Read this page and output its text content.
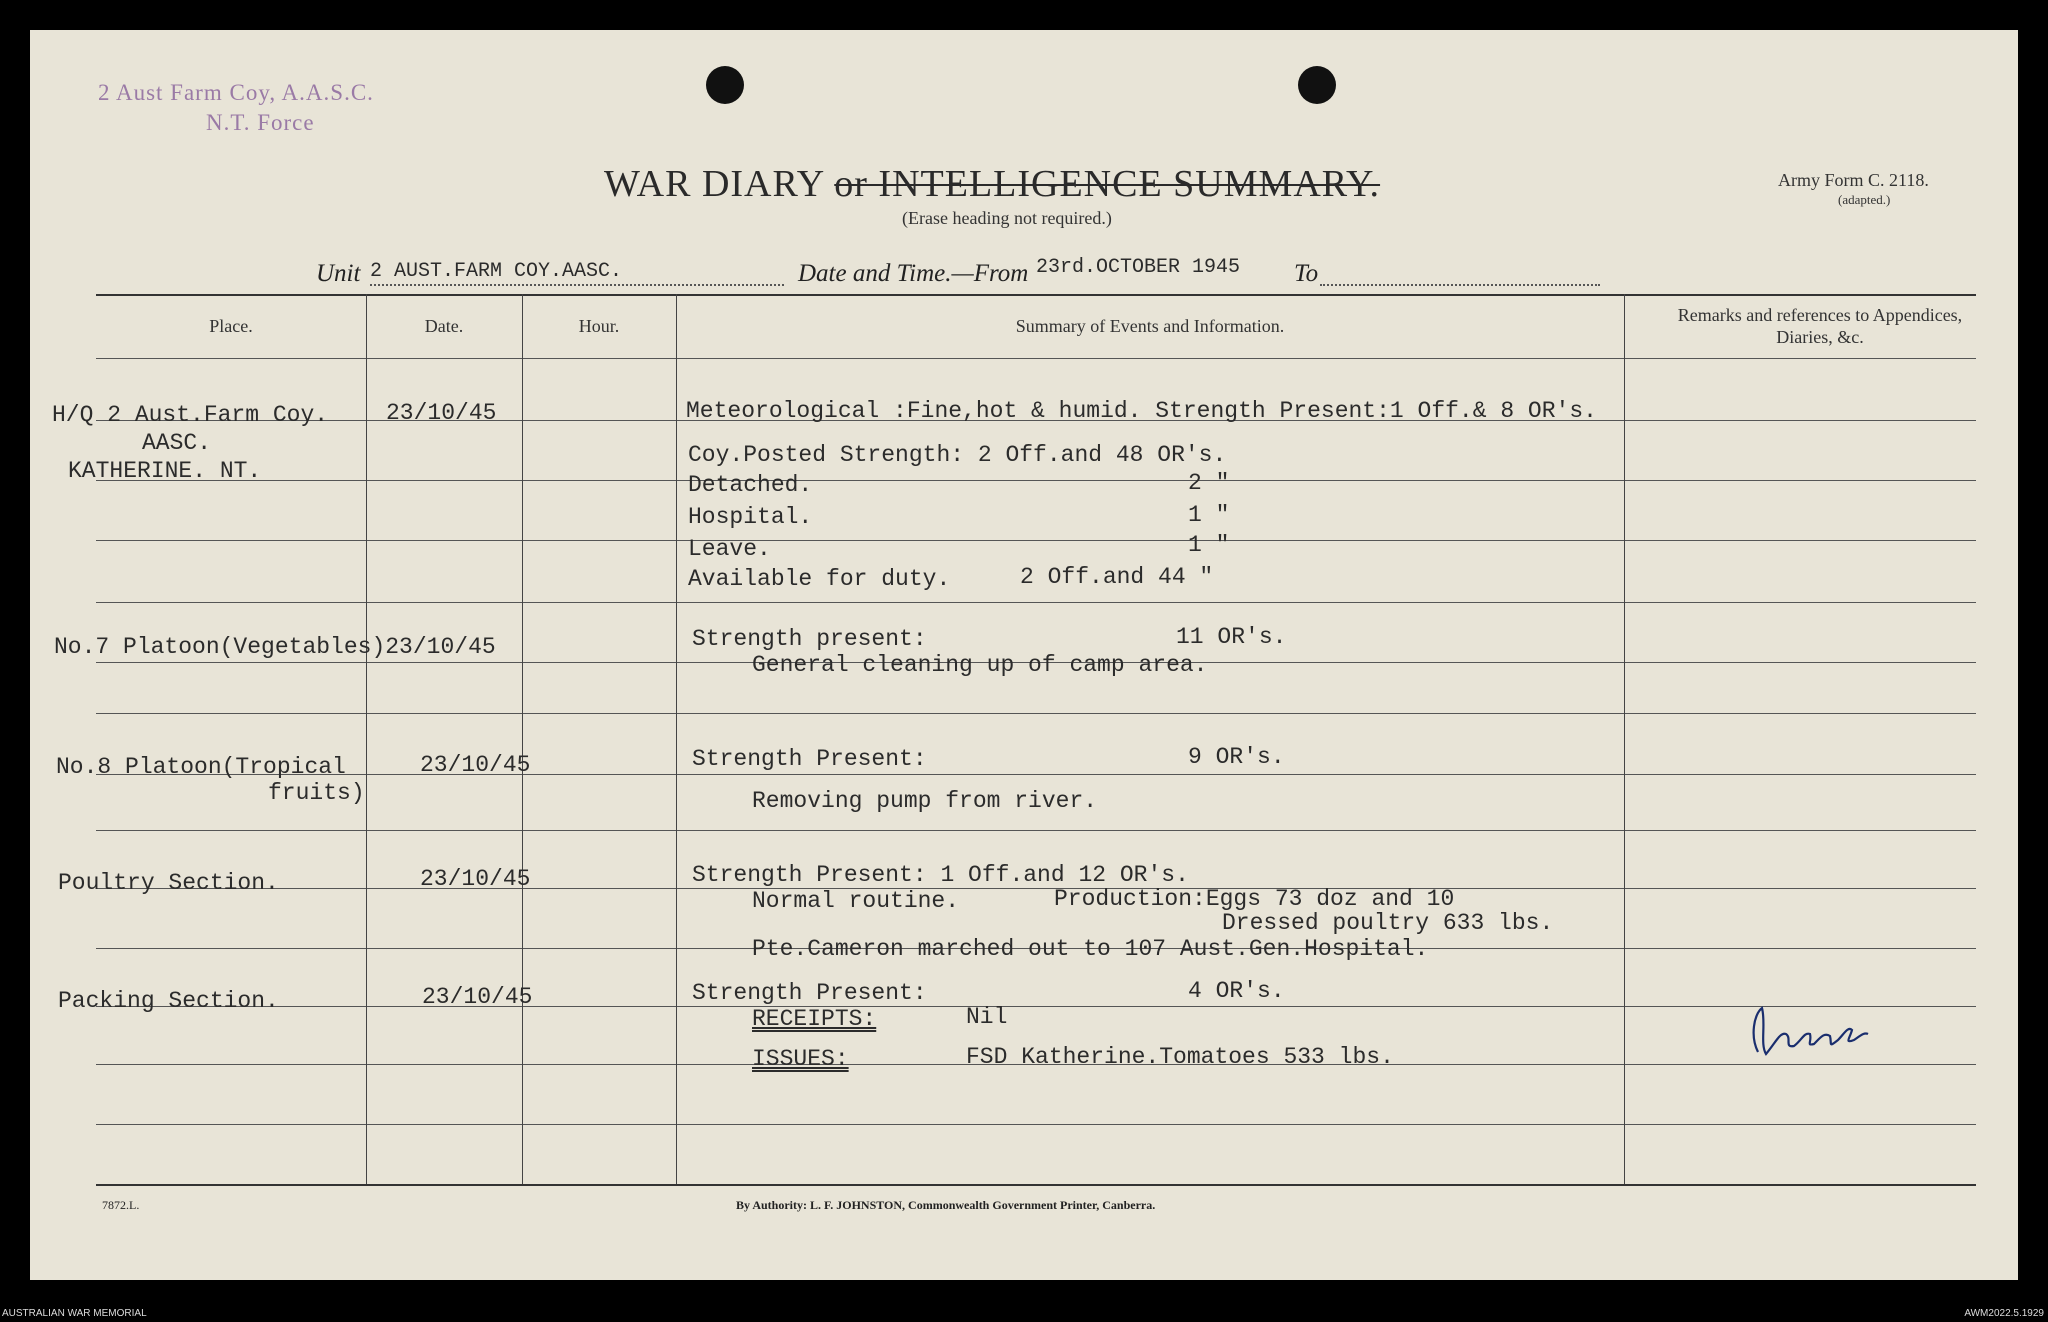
2 Aust Farm Coy, A.A.S.C.
N.T. Force
WAR DIARY or INTELLIGENCE SUMMARY.
(Erase heading not required.)
Army Form C. 2118.
(adapted.)
Unit 2 AUST.FARM COY.AASC.	Date and Time.—From 23rd.OCTOBER 1945 To
Place.	Date.	Hour.	Summary of Events and Information.
Remarks and references to Appendices, Diaries, &c.
H/Q 2 Aust.Farm Coy.
AASC.
KATHERINE. NT.
23/10/45	Meteorological :Fine,hot & humid. Strength Present:1 Off.& 8 OR's.
Coy.Posted Strength: 2 Off.and 48 OR's.
Detached.	2 "
Hospital.	1 "
Leave.	1 "
Available for duty.	2 Off.and 44 "
No.7 Platoon(Vegetables)23/10/45	Strength present:	11 OR's.
General cleaning up of camp area.
No.8 Platoon(Tropical
fruits)
23/10/45	Strength Present:	9 OR's.
Removing pump from river.
Poultry Section.	23/10/45	Strength Present: 1 Off.and 12 OR's.
Normal routine.	Production:Eggs 73 doz and 10
Dressed poultry 633 lbs.
Pte.Cameron marched out to 107 Aust.Gen.Hospital.
Packing Section.	23/10/45	Strength Present:	4 OR's.
RECEIPTS:	Nil
ISSUES:	FSD Katherine.Tomatoes 533 lbs.
7872.L.	By Authority: L. F. JOHNSTON, Commonwealth Government Printer, Canberra.
AUSTRALIAN WAR MEMORIAL	AWM2022.5.1929
